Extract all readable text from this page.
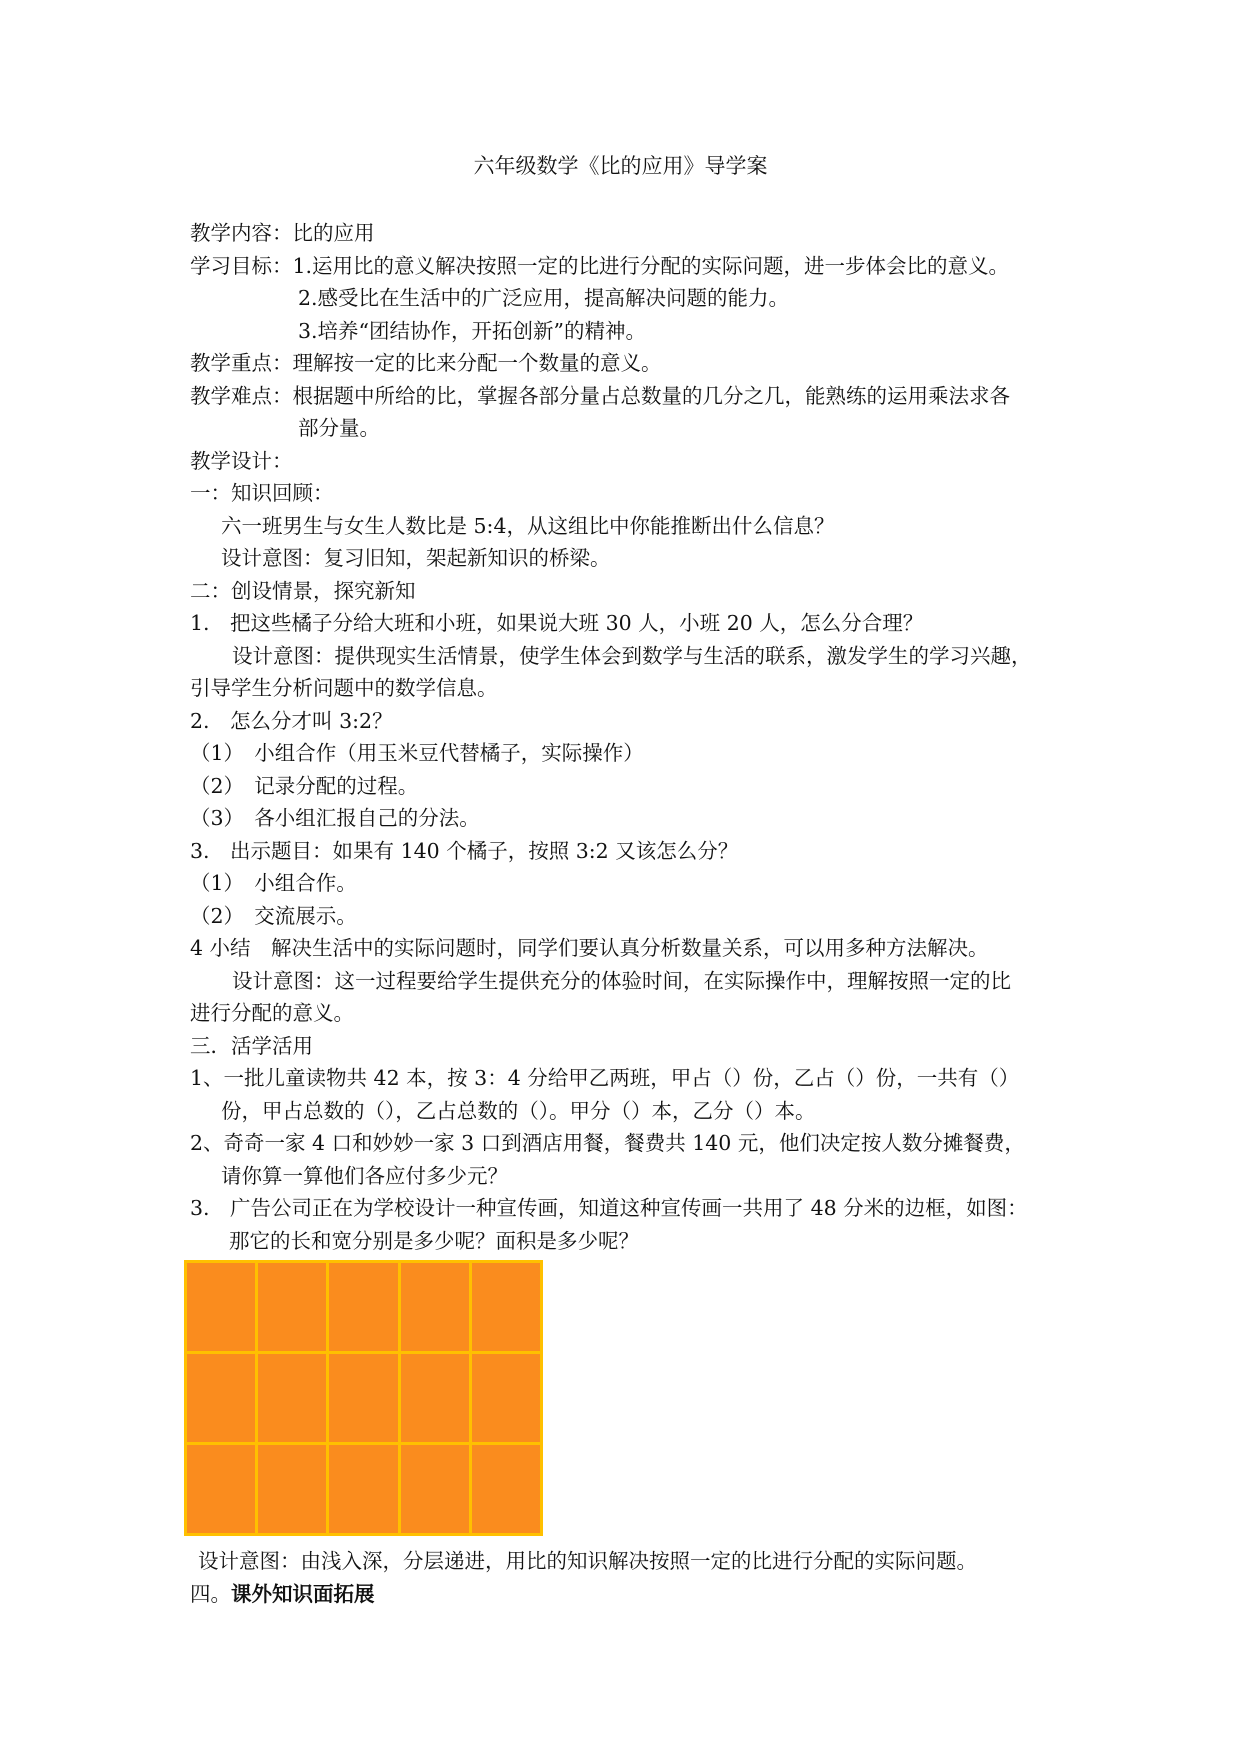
六年级数学《比的应用》导学案
教学内容：比的应用
学习目标：1.运用比的意义解决按照一定的比进行分配的实际问题，进一步体会比的意义。
2.感受比在生活中的广泛应用，提高解决问题的能力。
3.培养“团结协作，开拓创新”的精神。
教学重点：理解按一定的比来分配一个数量的意义。
教学难点：根据题中所给的比，掌握各部分量占总数量的几分之几，能熟练的运用乘法求各
部分量。
教学设计：
一：知识回顾：
六一班男生与女生人数比是 5:4，从这组比中你能推断出什么信息？
设计意图：复习旧知，架起新知识的桥梁。
二：创设情景，探究新知
1.　把这些橘子分给大班和小班，如果说大班 30 人，小班 20 人，怎么分合理？
设计意图：提供现实生活情景，使学生体会到数学与生活的联系，激发学生的学习兴趣，
引导学生分析问题中的数学信息。
2.　怎么分才叫 3:2？
（1）　小组合作（用玉米豆代替橘子，实际操作）
（2）　记录分配的过程。
（3）　各小组汇报自己的分法。
3.　出示题目：如果有 140 个橘子，按照 3:2 又该怎么分？
（1）　小组合作。
（2）　交流展示。
4 小结　解决生活中的实际问题时，同学们要认真分析数量关系，可以用多种方法解决。
设计意图：这一过程要给学生提供充分的体验时间，在实际操作中，理解按照一定的比
进行分配的意义。
三．活学活用
1、一批儿童读物共 42 本，按 3：4 分给甲乙两班，甲占（）份，乙占（）份，一共有（）
份，甲占总数的（），乙占总数的（）。甲分（）本，乙分（）本。
2、奇奇一家 4 口和妙妙一家 3 口到酒店用餐，餐费共 140 元，他们决定按人数分摊餐费，
请你算一算他们各应付多少元？
3.　广告公司正在为学校设计一种宣传画，知道这种宣传画一共用了 48 分米的边框，如图：
那它的长和宽分别是多少呢？面积是多少呢？
设计意图：由浅入深，分层递进，用比的知识解决按照一定的比进行分配的实际问题。
四。课外知识面拓展
